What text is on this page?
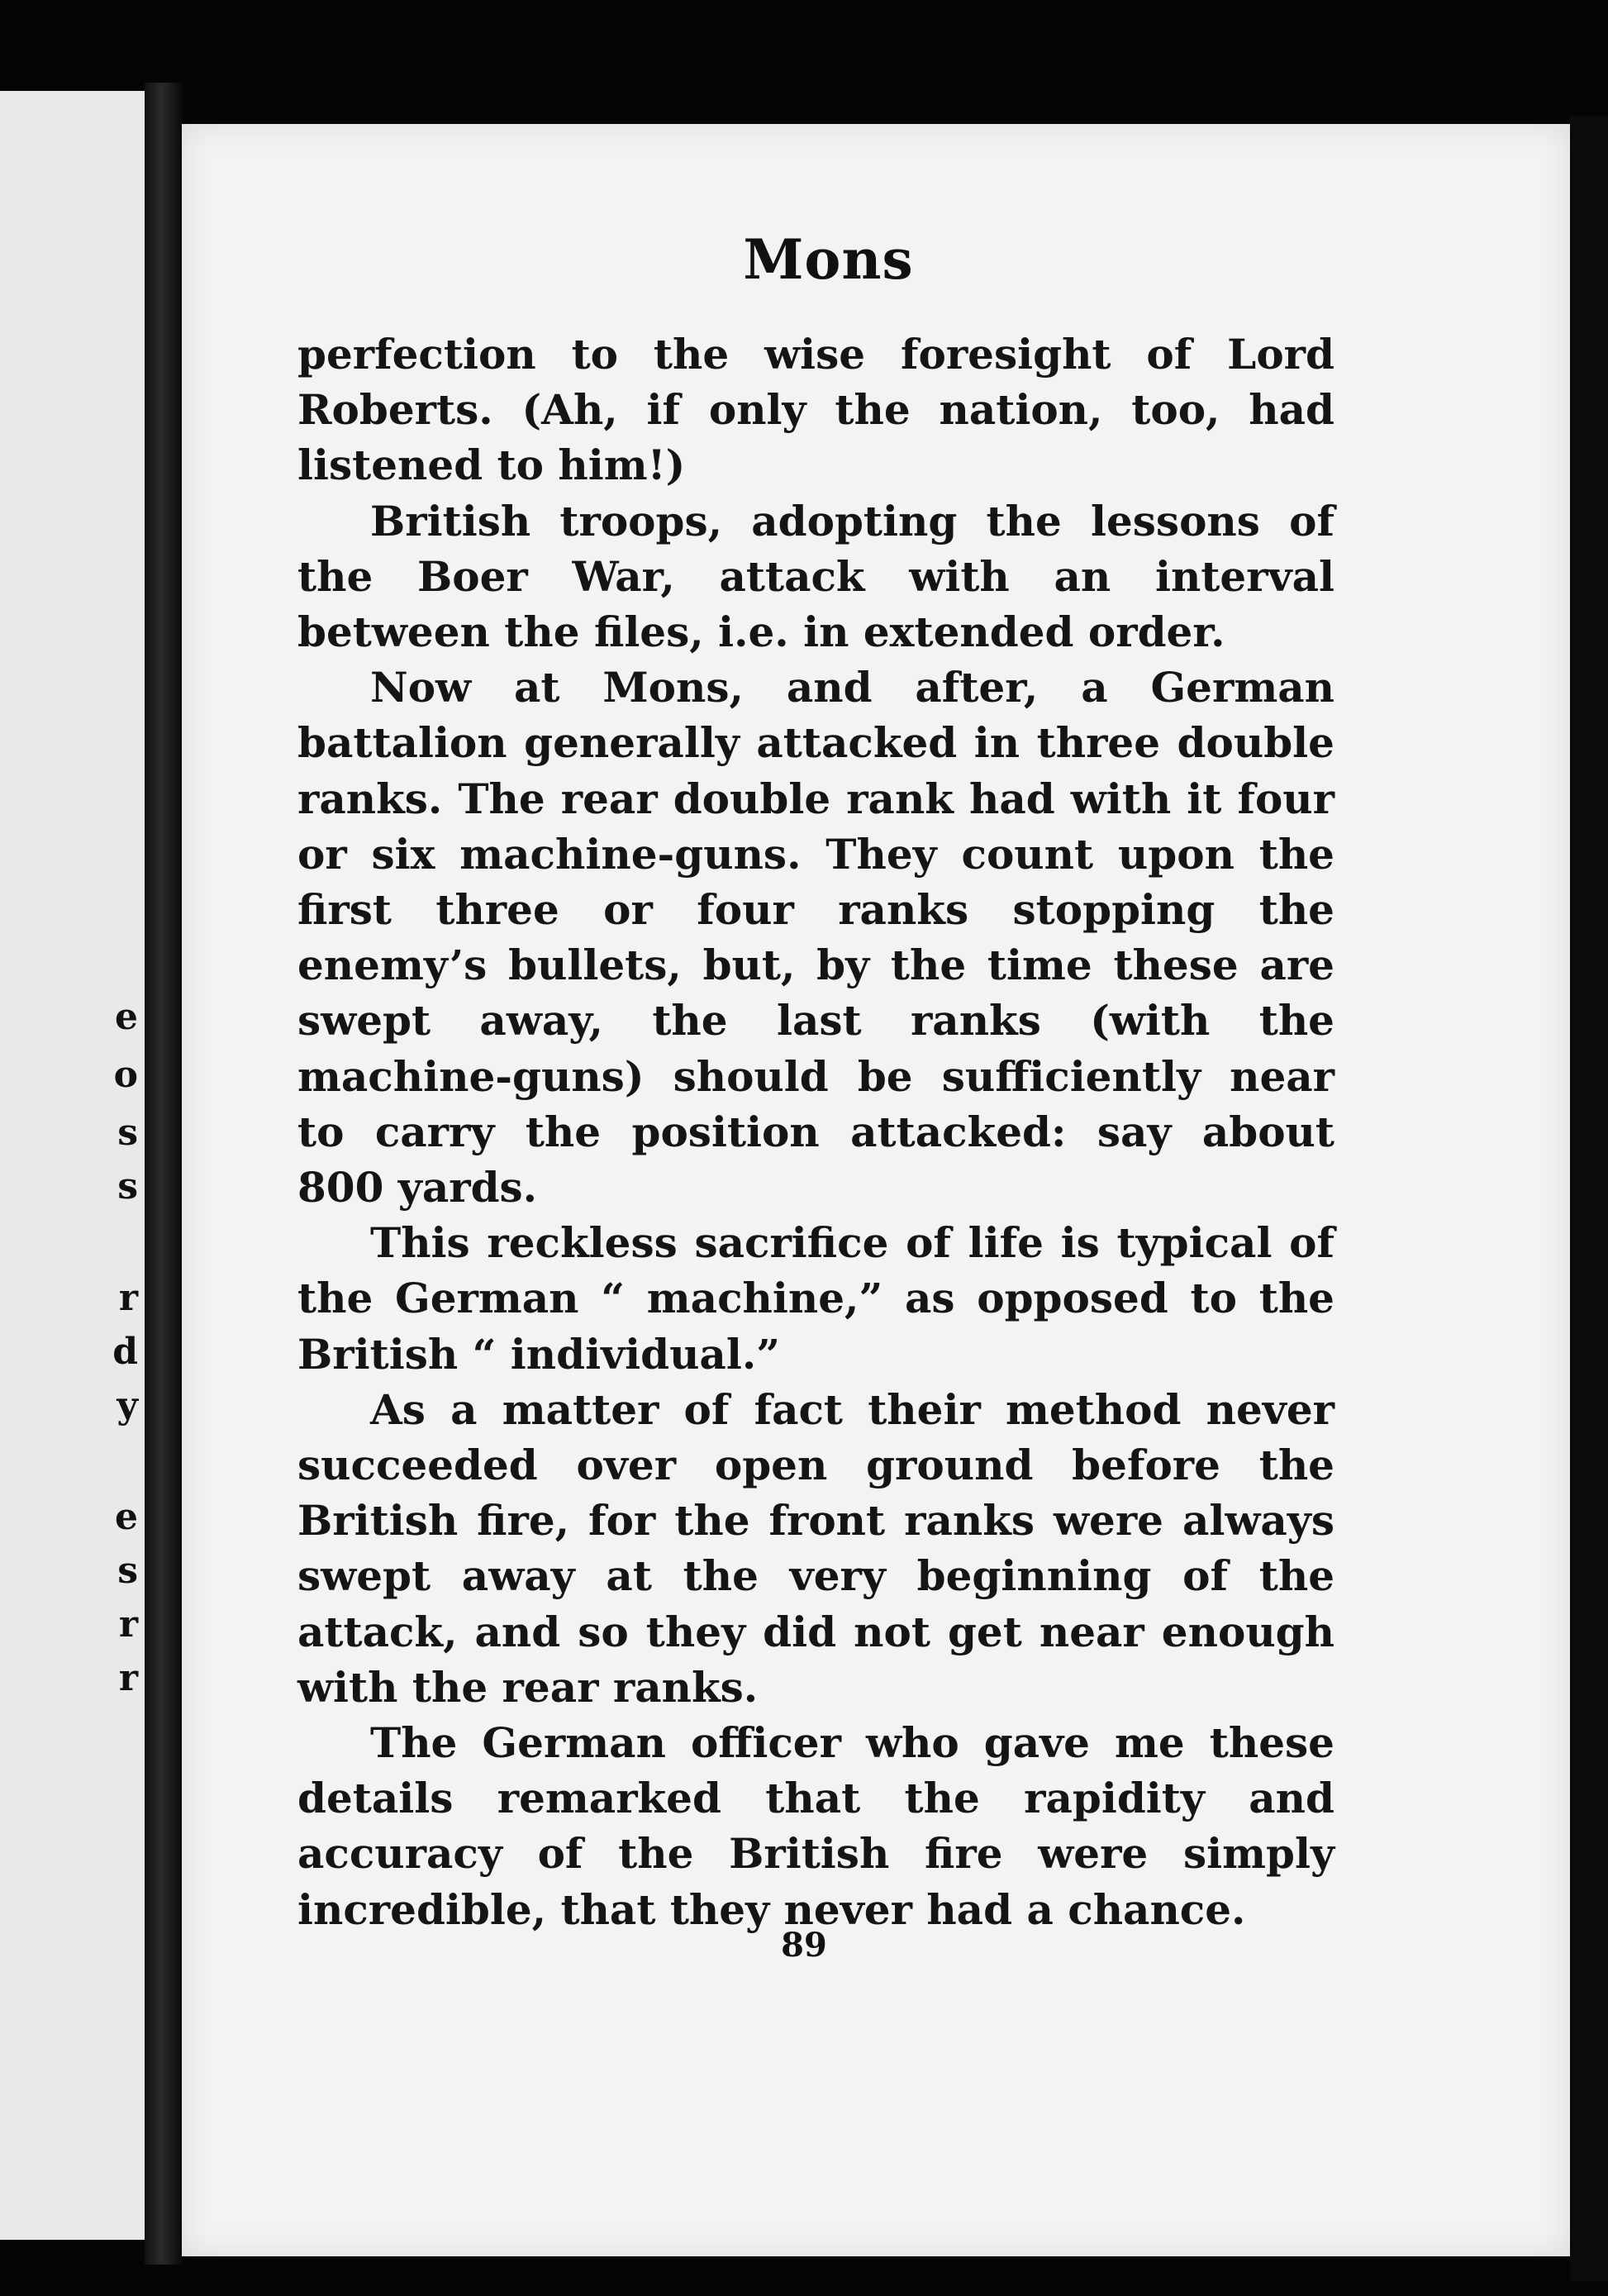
e
o
s
s
r
d
y
e
s
r
r
Mons

perfection to the wise foresight of Lord Roberts. (Ah, if only the nation, too, had listened to him!)

British troops, adopting the lessons of the Boer War, attack with an interval between the files, i.e. in extended order.

Now at Mons, and after, a German battalion generally attacked in three double ranks. The rear double rank had with it four or six machine-guns. They count upon the first three or four ranks stopping the enemy’s bullets, but, by the time these are swept away, the last ranks (with the machine-guns) should be sufficiently near to carry the position attacked: say about 800 yards.

This reckless sacrifice of life is typical of the German “ machine,” as opposed to the British “ individual.”

As a matter of fact their method never succeeded over open ground before the British fire, for the front ranks were always swept away at the very beginning of the attack, and so they did not get near enough with the rear ranks.

The German officer who gave me these details remarked that the rapidity and accuracy of the British fire were simply incredible, that they never had a chance.

89
